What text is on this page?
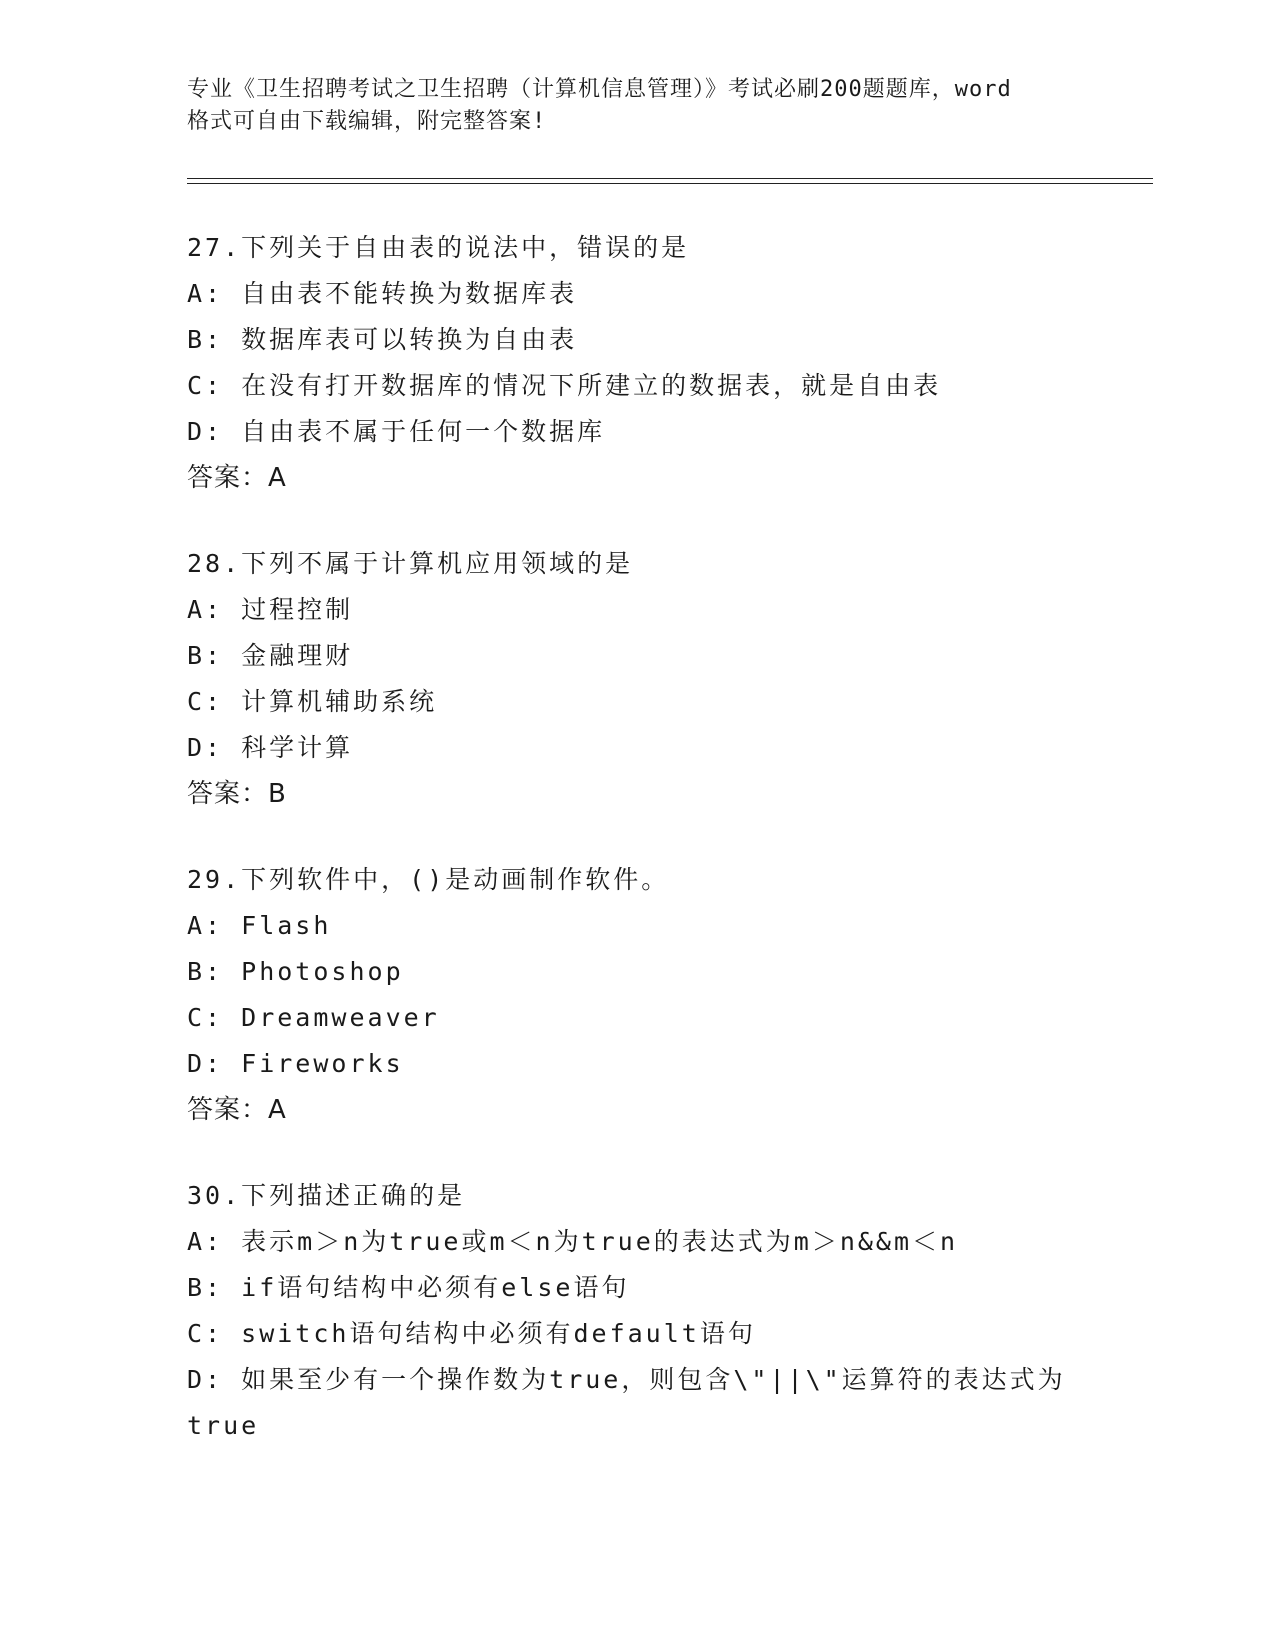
专业《卫生招聘考试之卫生招聘（计算机信息管理）》考试必刷200题题库，word
格式可自由下载编辑，附完整答案!
27.下列关于自由表的说法中，错误的是
A: 自由表不能转换为数据库表
B: 数据库表可以转换为自由表
C: 在没有打开数据库的情况下所建立的数据表，就是自由表
D: 自由表不属于任何一个数据库
答案：A
28.下列不属于计算机应用领域的是
A: 过程控制
B: 金融理财
C: 计算机辅助系统
D: 科学计算
答案：B
29.下列软件中，()是动画制作软件。
A: Flash
B: Photoshop
C: Dreamweaver
D: Fireworks
答案：A
30.下列描述正确的是
A: 表示m＞n为true或m＜n为true的表达式为m＞n&&m＜n
B: if语句结构中必须有else语句
C: switch语句结构中必须有default语句
D: 如果至少有一个操作数为true，则包含\"||\"运算符的表达式为
true
